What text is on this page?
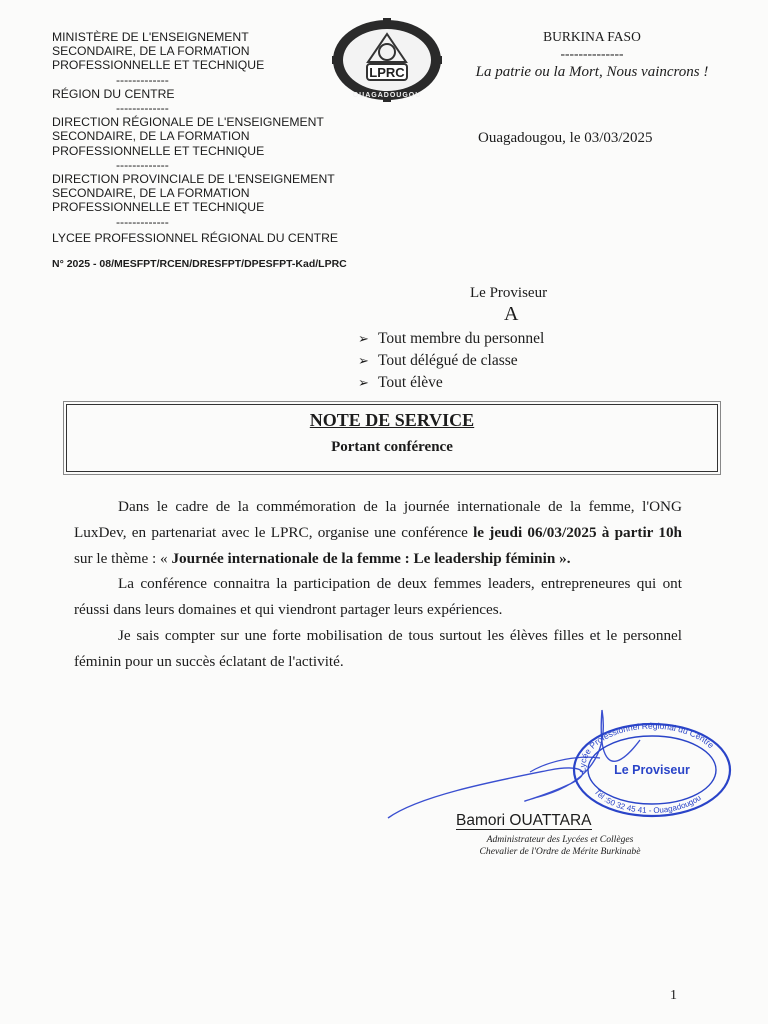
MINISTÈRE DE L'ENSEIGNEMENT
SECONDAIRE, DE LA FORMATION
PROFESSIONNELLE ET TECHNIQUE
-------------
RÉGION DU CENTRE
-------------
DIRECTION RÉGIONALE DE L'ENSEIGNEMENT
SECONDAIRE, DE LA FORMATION
PROFESSIONNELLE ET TECHNIQUE
-------------
DIRECTION PROVINCIALE DE L'ENSEIGNEMENT
SECONDAIRE, DE LA FORMATION
PROFESSIONNELLE ET TECHNIQUE
-------------
LYCEE PROFESSIONNEL RÉGIONAL DU CENTRE
N° 2025 - 08/MESFPT/RCEN/DRESFPT/DPESFPT-Kad/LPRC
LPRC
OUAGADOUGOU
BURKINA FASO
--------------
La patrie ou la Mort, Nous vaincrons !
Ouagadougou, le 03/03/2025
Le Proviseur
A
➢ Tout membre du personnel
➢ Tout délégué de classe
➢ Tout élève
NOTE DE SERVICE
Portant conférence

Dans le cadre de la commémoration de la journée internationale de la femme, l'ONG LuxDev, en partenariat avec le LPRC, organise une conférence le jeudi 06/03/2025 à partir 10h sur le thème : « Journée internationale de la femme : Le leadership féminin ».

La conférence connaitra la participation de deux femmes leaders, entrepreneures qui ont réussi dans leurs domaines et qui viendront partager leurs expériences.

Je sais compter sur une forte mobilisation de tous surtout les élèves filles et le personnel féminin pour un succès éclatant de l'activité.

Lycée Professionnel Régional du Centre
Tél :50 32 45 41 - Ouagadougou
Le Proviseur
Bamori OUATTARA
Administrateur des Lycées et Collèges
Chevalier de l'Ordre de Mérite Burkinabè
1
